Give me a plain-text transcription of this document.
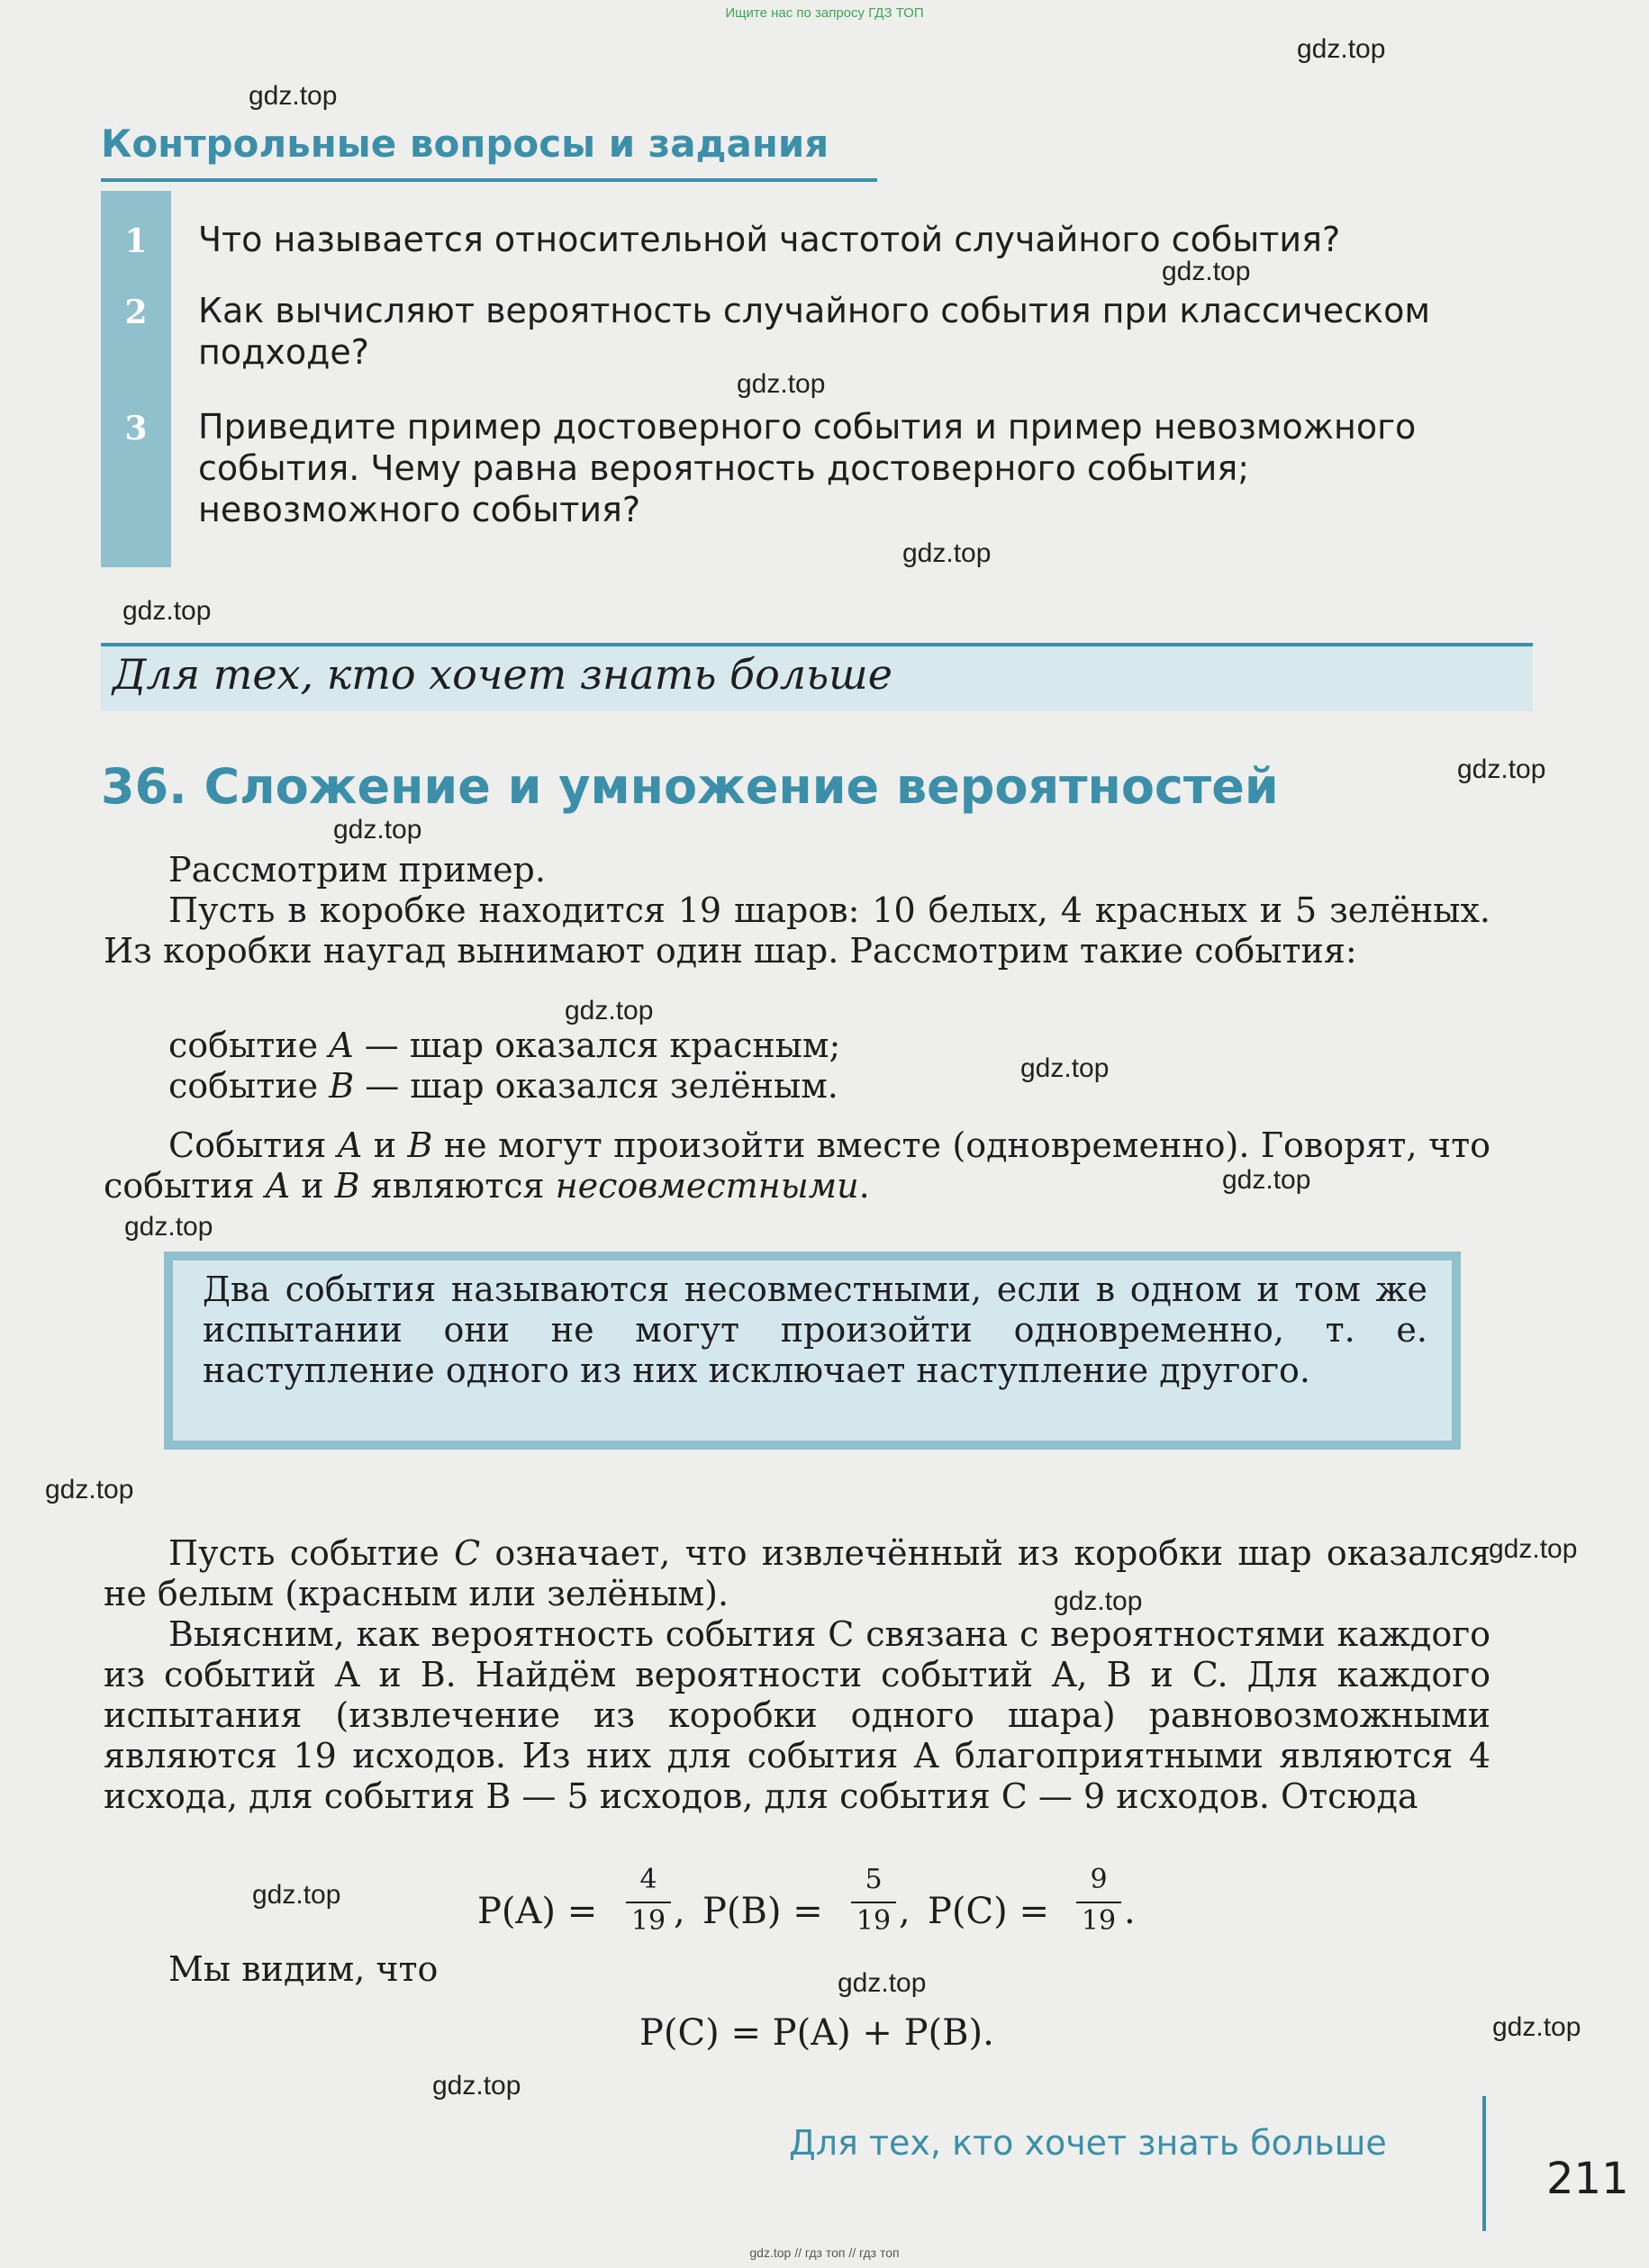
Ищите нас по запросу ГДЗ ТОП
gdz.top
gdz.top
gdz.top
gdz.top
gdz.top
gdz.top
gdz.top
gdz.top
gdz.top
gdz.top
gdz.top
gdz.top
gdz.top
gdz.top
gdz.top
gdz.top
gdz.top
gdz.top
gdz.top
Контрольные вопросы и задания
1	Что называется относительной частотой случайного события?
2	Как вычисляют вероятность случайного события при классическом подходе?
3	Приведите пример достоверного события и пример невозможного события. Чему равна вероятность достоверного события; невозможного события?
Для тех, кто хочет знать больше
36. Сложение и умножение вероятностей
Рассмотрим пример.
Пусть в коробке находится 19 шаров: 10 белых, 4 красных и 5 зелёных. Из коробки наугад вынимают один шар. Рассмотрим такие события:
событие A — шар оказался красным;
событие B — шар оказался зелёным.
События A и B не могут произойти вместе (одновременно). Говорят, что события A и B являются несовместными.
Два события называются несовместными, если в одном и том же испытании они не могут произойти одновременно, т. е. наступление одного из них исключает наступление другого.
Пусть событие C означает, что извлечённый из коробки шар оказался не белым (красным или зелёным).
Выясним, как вероятность события C связана с вероятностями каждого из событий A и B. Найдём вероятности событий A, B и C. Для каждого испытания (извлечение из коробки одного шара) равновозможными являются 19 исходов. Из них для события A благоприятными являются 4 исхода, для события B — 5 исходов, для события C — 9 исходов. Отсюда
P(A) =
4
19 , P(B) =
5
19 , P(C) =
9
19 .
Мы видим, что
P(C) = P(A) + P(B).
Для тех, кто хочет знать больше
211
gdz.top // гдз топ // гдз топ
